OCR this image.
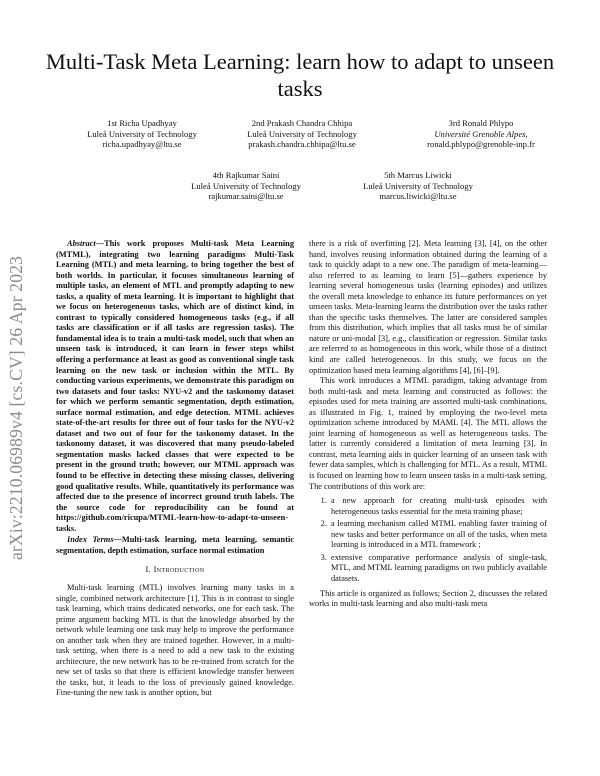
arXiv:2210.06989v4 [cs.CV] 26 Apr 2023
Multi-Task Meta Learning: learn how to adapt to unseen tasks
1st Richa Upadhyay
Luleå University of Technology
richa.upadhyay@ltu.se
2nd Prakash Chandra Chhipa
Luleå University of Technology
prakash.chandra.chhipa@ltu.se
3rd Ronald Phlypo
Université Grenoble Alpes,
ronald.phlypo@grenoble-inp.fr
4th Rajkumar Saini
Luleå University of Technology
rajkumar.saini@ltu.se
5th Marcus Liwicki
Luleå University of Technology
marcus.liwicki@ltu.se

Abstract—This work proposes Multi-task Meta Learning (MTML), integrating two learning paradigms Multi-Task Learning (MTL) and meta learning, to bring together the best of both worlds. In particular, it focuses simultaneous learning of multiple tasks, an element of MTL and promptly adapting to new tasks, a quality of meta learning. It is important to highlight that we focus on heterogeneous tasks, which are of distinct kind, in contrast to typically considered homogeneous tasks (e.g., if all tasks are classification or if all tasks are regression tasks). The fundamental idea is to train a multi-task model, such that when an unseen task is introduced, it can learn in fewer steps whilst offering a performance at least as good as conventional single task learning on the new task or inclusion within the MTL. By conducting various experiments, we demonstrate this paradigm on two datasets and four tasks: NYU-v2 and the taskonomy dataset for which we perform semantic segmentation, depth estimation, surface normal estimation, and edge detection. MTML achieves state-of-the-art results for three out of four tasks for the NYU-v2 dataset and two out of four for the taskonomy dataset. In the taskonomy dataset, it was discovered that many pseudo-labeled segmentation masks lacked classes that were expected to be present in the ground truth; however, our MTML approach was found to be effective in detecting these missing classes, delivering good qualitative results. While, quantitatively its performance was affected due to the presence of incorrect ground truth labels. The the source code for reproducibility can be found at https://github.com/ricupa/MTML-learn-how-to-adapt-to-unseen-tasks.

Index Terms—Multi-task learning, meta learning, semantic segmentation, depth estimation, surface normal estimation

I. Introduction

Multi-task learning (MTL) involves learning many tasks in a single, combined network architecture [1]. This is in contrast to single task learning, which trains dedicated networks, one for each task. The prime argument backing MTL is that the knowledge absorbed by the network while learning one task may help to improve the performance on another task when they are trained together. However, in a multi-task setting, when there is a need to add a new task to the existing architecture, the new network has to be re-trained from scratch for the new set of tasks so that there is efficient knowledge transfer between the tasks, but, it leads to the loss of previously gained knowledge. Fine-tuning the new task is another option, but

there is a risk of overfitting [2]. Meta learning [3], [4], on the other hand, involves reusing information obtained during the learning of a task to quickly adapt to a new one. The paradigm of meta-learning—also referred to as learning to learn [5]—gathers experience by learning several homogeneous tasks (learning episodes) and utilizes the overall meta knowledge to enhance its future performances on yet unseen tasks. Meta-learning learns the distribution over the tasks rather than the specific tasks themselves. The latter are considered samples from this distribution, which implies that all tasks must be of similar nature or uni-modal [3], e.g., classification or regression. Similar tasks are referred to as homogeneous in this work, while those of a distinct kind are called heterogeneous. In this study, we focus on the optimization based meta learning algorithms [4], [6]–[9].

This work introduces a MTML paradigm, taking advantage from both multi-task and meta learning and constructed as follows: the episodes used for meta training are assorted multi-task combinations, as illustrated in Fig. 1, trained by employing the two-level meta optimization scheme introduced by MAML [4]. The MTL allows the joint learning of homogeneous as well as heterogeneous tasks. The latter is currently considered a limitation of meta learning [3]. In contrast, meta learning aids in quicker learning of an unseen task with fewer data samples, which is challenging for MTL. As a result, MTML is focused on learning how to learn unseen tasks in a multi-task setting. The contributions of this work are:

1. a new approach for creating multi-task episodes with heterogeneous tasks essential for the meta training phase;
2. a learning mechanism called MTML enabling faster training of new tasks and better performance on all of the tasks, when meta learning is introduced in a MTL framework ;
3. extensive comparative performance analysis of single-task, MTL, and MTML learning paradigms on two publicly available datasets.

This article is organized as follows; Section 2, discusses the related works in multi-task learning and also multi-task meta
